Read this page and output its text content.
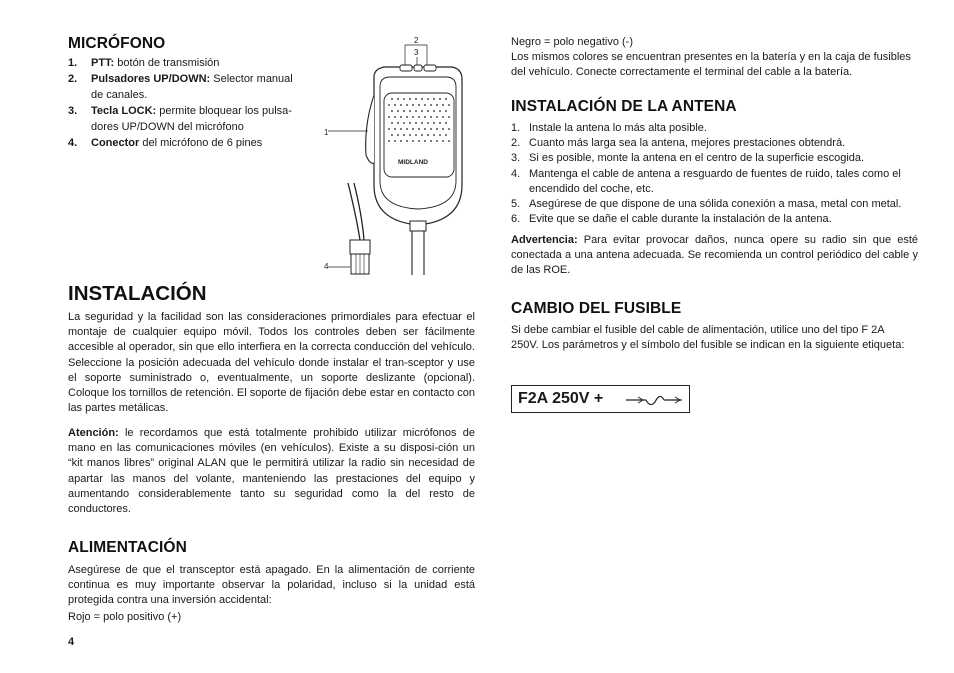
MICRÓFONO
1. PTT: botón de transmisión
2. Pulsadores UP/DOWN: Selector manual de canales.
3. Tecla LOCK: permite bloquear los pulsa-dores UP/DOWN del micrófono
4. Conector del micrófono de 6 pines
INSTALACIÓN

La seguridad y la facilidad son las consideraciones primordiales para efectuar el montaje de cualquier equipo móvil. Todos los controles deben ser fácilmente accesible al operador, sin que ello interfiera en la correcta conducción del vehículo. Seleccione la posición adecuada del vehículo donde instalar el tran-sceptor y use el soporte suministrado o, eventualmente, un soporte deslizante (opcional). Coloque los tornillos de retención. El soporte de fijación debe estar en contacto con las partes metálicas.

Atención: le recordamos que está totalmente prohibido utilizar micrófonos de mano en las comunicaciones móviles (en vehículos). Existe a su disposi-ción un “kit manos libres” original ALAN que le permitirá utilizar la radio sin necesidad de apartar las manos del volante, manteniendo las prestaciones del equipo y aumentando considerablemente tanto su seguridad como la del resto de conductores.

ALIMENTACIÓN

Asegúrese de que el transceptor está apagado. En la alimentación de corriente continua es muy importante observar la polaridad, incluso si la unidad está protegida contra una inversión accidental:

Rojo = polo positivo (+)

4
2
3
MIDLAND
1
4

Negro = polo negativo (-)

Los mismos colores se encuentran presentes en la batería y en la caja de fusibles del vehículo. Conecte correctamente el terminal del cable a la batería.

INSTALACIÓN DE LA ANTENA
1. Instale la antena lo más alta posible.
2. Cuanto más larga sea la antena, mejores prestaciones obtendrá.
3. Si es posible, monte la antena en el centro de la superficie escogida.
4. Mantenga el cable de antena a resguardo de fuentes de ruido, tales como el encendido del coche, etc.
5. Asegúrese de que dispone de una sólida conexión a masa, metal con metal.
6. Evite que se dañe el cable durante la instalación de la antena.

Advertencia: Para evitar provocar daños, nunca opere su radio sin que esté conectada a una antena adecuada. Se recomienda un control periódico del cable y de las ROE.

CAMBIO DEL FUSIBLE

Si debe cambiar el fusible del cable de alimentación, utilice uno del tipo F 2A 250V. Los parámetros y el símbolo del fusible se indican en la siguiente etiqueta:

F2A 250V +
